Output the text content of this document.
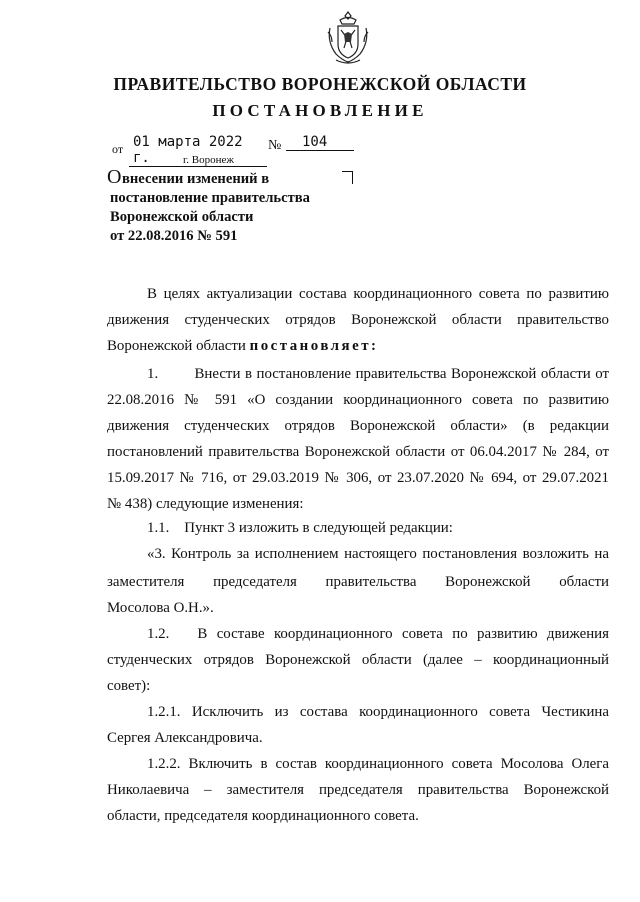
ПРАВИТЕЛЬСТВО ВОРОНЕЖСКОЙ ОБЛАСТИ
ПОСТАНОВЛЕНИЕ
от 01 марта 2022 г.
№	104
г. Воронеж
О внесении изменений в
постановление правительства
Воронежской области
от 22.08.2016 № 591
В целях актуализации состава координационного совета по развитию
движения студенческих отрядов Воронежской области правительство
Воронежской области постановляет:
1.        Внести в постановление правительства Воронежской области от
22.08.2016 № 591 «О создании координационного совета по развитию
движения студенческих отрядов Воронежской области» (в редакции
постановлений правительства Воронежской области от 06.04.2017 № 284, от
15.09.2017 № 716, от 29.03.2019 № 306, от 23.07.2020 № 694, от 29.07.2021
№ 438) следующие изменения:
1.1.    Пункт 3 изложить в следующей редакции:
«3. Контроль за исполнением настоящего постановления возложить на
заместителя председателя правительства Воронежской области
Мосолова О.Н.».
1.2.   В составе координационного совета по развитию движения
студенческих отрядов Воронежской области (далее – координационный
совет):
1.2.1. Исключить из состава координационного совета Честикина
Сергея Александровича.
1.2.2. Включить в состав координационного совета Мосолова Олега
Николаевича – заместителя председателя правительства Воронежской
области, председателя координационного совета.
